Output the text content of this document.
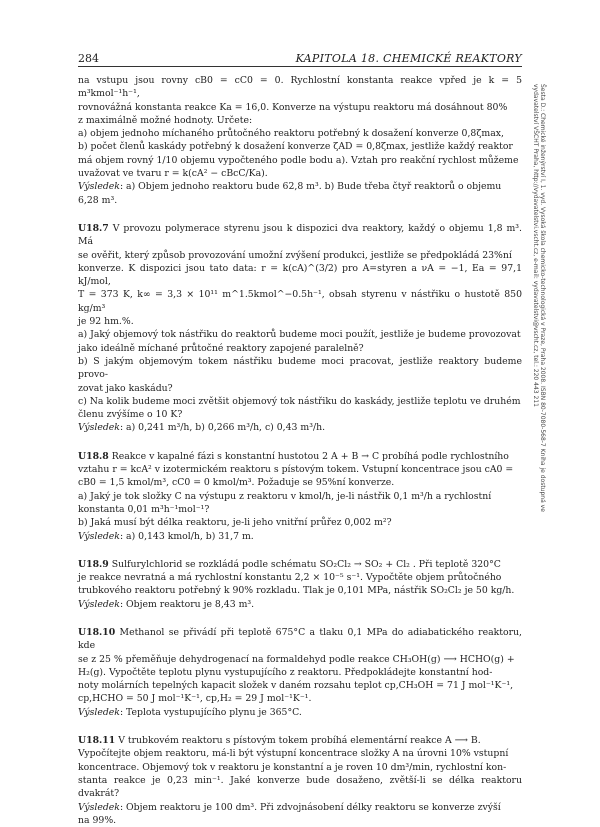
284	KAPITOLA 18. CHEMICKÉ REAKTORY
Šesta D.: Chemické inženýrství I, 1. vyd. Vysoká škola chemicko-technologická v Praze, Praha 2008. ISBN 80-7080-568-7 Kniha je dostupná ve vydavatelství VŠCHT Praha, http://vydavatelstvi.vscht.cz, e-mail: vydavatelstvi@vscht.cz, tel.: 220 443 211

na vstupu jsou rovny cB0 = cC0 = 0. Rychlostní konstanta reakce vpřed je k = 5 m³kmol⁻¹h⁻¹,

rovnovážná konstanta reakce Ka = 16,0. Konverze na výstupu reaktoru má dosáhnout 80%

z maximálně možné hodnoty. Určete:

a) objem jednoho míchaného průtočného reaktoru potřebný k dosažení konverze 0,8ζmax,

b) počet členů kaskády potřebný k dosažení konverze ζAD = 0,8ζmax, jestliže každý reaktor

má objem rovný 1/10 objemu vypočteného podle bodu a). Vztah pro reakční rychlost můžeme

uvažovat ve tvaru r = k(cA² − cBcC/Ka).

Výsledek: a) Objem jednoho reaktoru bude 62,8 m³. b) Bude třeba čtyř reaktorů o objemu

6,28 m³.

U18.7 V provozu polymerace styrenu jsou k dispozici dva reaktory, každý o objemu 1,8 m³. Má

se ověřit, který způsob provozování umožní zvýšení produkci, jestliže se předpokládá 23%ní

konverze. K dispozici jsou tato data: r = k(cA)^(3/2) pro A=styren a νA = −1, Ea = 97,1 kJ/mol,

T = 373 K, k∞ = 3,3 × 10¹¹ m^1.5kmol^−0.5h⁻¹, obsah styrenu v nástřiku o hustotě 850 kg/m³

je 92 hm.%.

a) Jaký objemový tok nástřiku do reaktorů budeme moci použít, jestliže je budeme provozovat

jako ideálně míchané průtočné reaktory zapojené paralelně?

b) S jakým objemovým tokem nástřiku budeme moci pracovat, jestliže reaktory budeme provo-

zovat jako kaskádu?

c) Na kolik budeme moci zvětšit objemový tok nástřiku do kaskády, jestliže teplotu ve druhém

členu zvýšíme o 10 K?

Výsledek: a) 0,241 m³/h, b) 0,266 m³/h, c) 0,43 m³/h.

U18.8 Reakce v kapalné fázi s konstantní hustotou 2 A + B → C probíhá podle rychlostního

vztahu r = kcA² v izotermickém reaktoru s pístovým tokem. Vstupní koncentrace jsou cA0 =

cB0 = 1,5 kmol/m³, cC0 = 0 kmol/m³. Požaduje se 95%ní konverze.

a) Jaký je tok složky C na výstupu z reaktoru v kmol/h, je-li nástřik 0,1 m³/h a rychlostní

konstanta 0,01 m³h⁻¹mol⁻¹?

b) Jaká musí být délka reaktoru, je-li jeho vnitřní průřez 0,002 m²?

Výsledek: a) 0,143 kmol/h, b) 31,7 m.

U18.9 Sulfurylchlorid se rozkládá podle schématu SO₂Cl₂ → SO₂ + Cl₂ . Při teplotě 320°C

je reakce nevratná a má rychlostní konstantu 2,2 × 10⁻⁵ s⁻¹. Vypočtěte objem průtočného

trubkového reaktoru potřebný k 90% rozkladu. Tlak je 0,101 MPa, nástřik SO₂Cl₂ je 50 kg/h.

Výsledek: Objem reaktoru je 8,43 m³.

U18.10 Methanol se přivádí při teplotě 675°C a tlaku 0,1 MPa do adiabatického reaktoru, kde

se z 25 % přeměňuje dehydrogenací na formaldehyd podle reakce CH₃OH(g) ⟶ HCHO(g) +

H₂(g). Vypočtěte teplotu plynu vystupujícího z reaktoru. Předpokládejte konstantní hod-

noty molárních tepelných kapacit složek v daném rozsahu teplot cp,CH₃OH = 71 J mol⁻¹K⁻¹,

cp,HCHO = 50 J mol⁻¹K⁻¹, cp,H₂ = 29 J mol⁻¹K⁻¹.

Výsledek: Teplota vystupujícího plynu je 365°C.

U18.11 V trubkovém reaktoru s pístovým tokem probíhá elementární reakce A ⟶ B.

Vypočítejte objem reaktoru, má-li být výstupní koncentrace složky A na úrovni 10% vstupní

koncentrace. Objemový tok v reaktoru je konstantní a je roven 10 dm³/min, rychlostní kon-

stanta reakce je 0,23 min⁻¹. Jaké konverze bude dosaženo, zvětší-li se délka reaktoru dvakrát?

Výsledek: Objem reaktoru je 100 dm³. Při zdvojnásobení délky reaktoru se konverze zvýší

na 99%.
